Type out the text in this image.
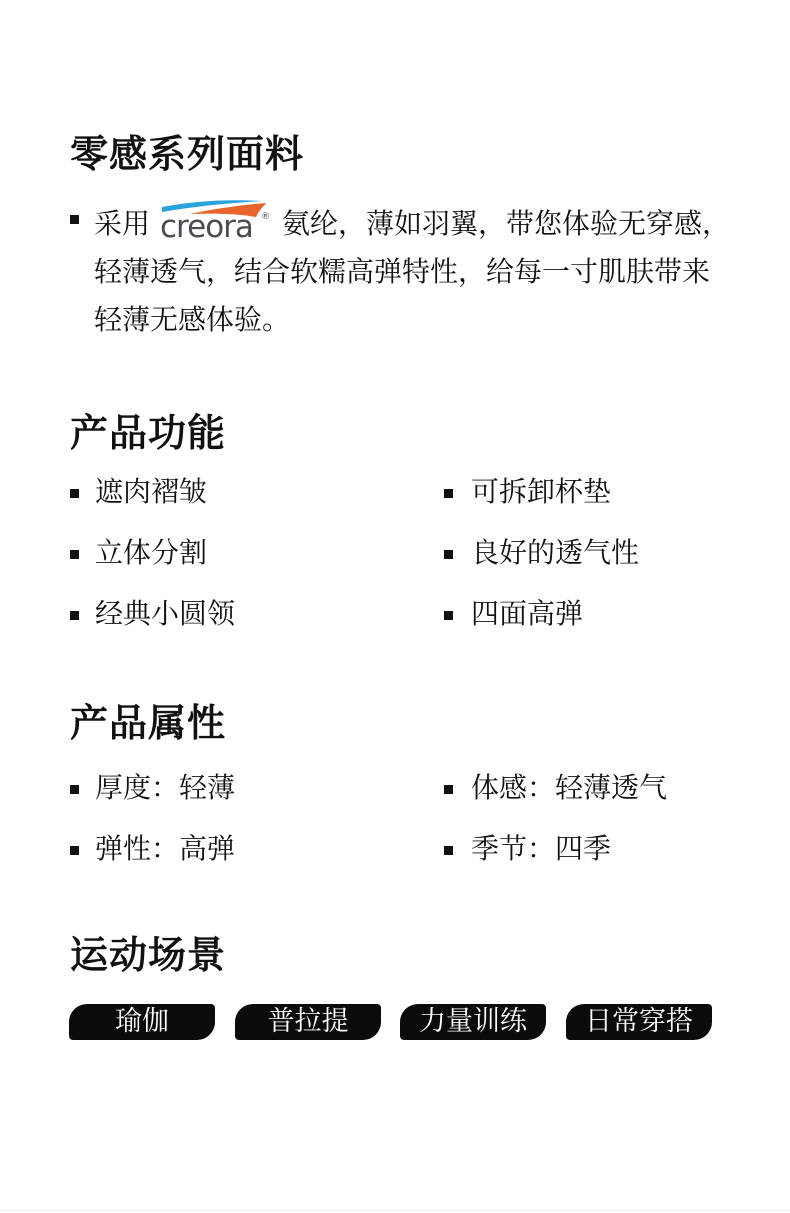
零感系列面料
采用 creora ® 氨纶，薄如羽翼，带您体验无穿感，
轻薄透气，结合软糯高弹特性，给每一寸肌肤带来
轻薄无感体验。
产品功能
遮肉褶皱	可拆卸杯垫
立体分割	良好的透气性
经典小圆领	四面高弹
产品属性
厚度：轻薄	体感：轻薄透气
弹性：高弹	季节：四季
运动场景
瑜伽	普拉提	力量训练	日常穿搭
